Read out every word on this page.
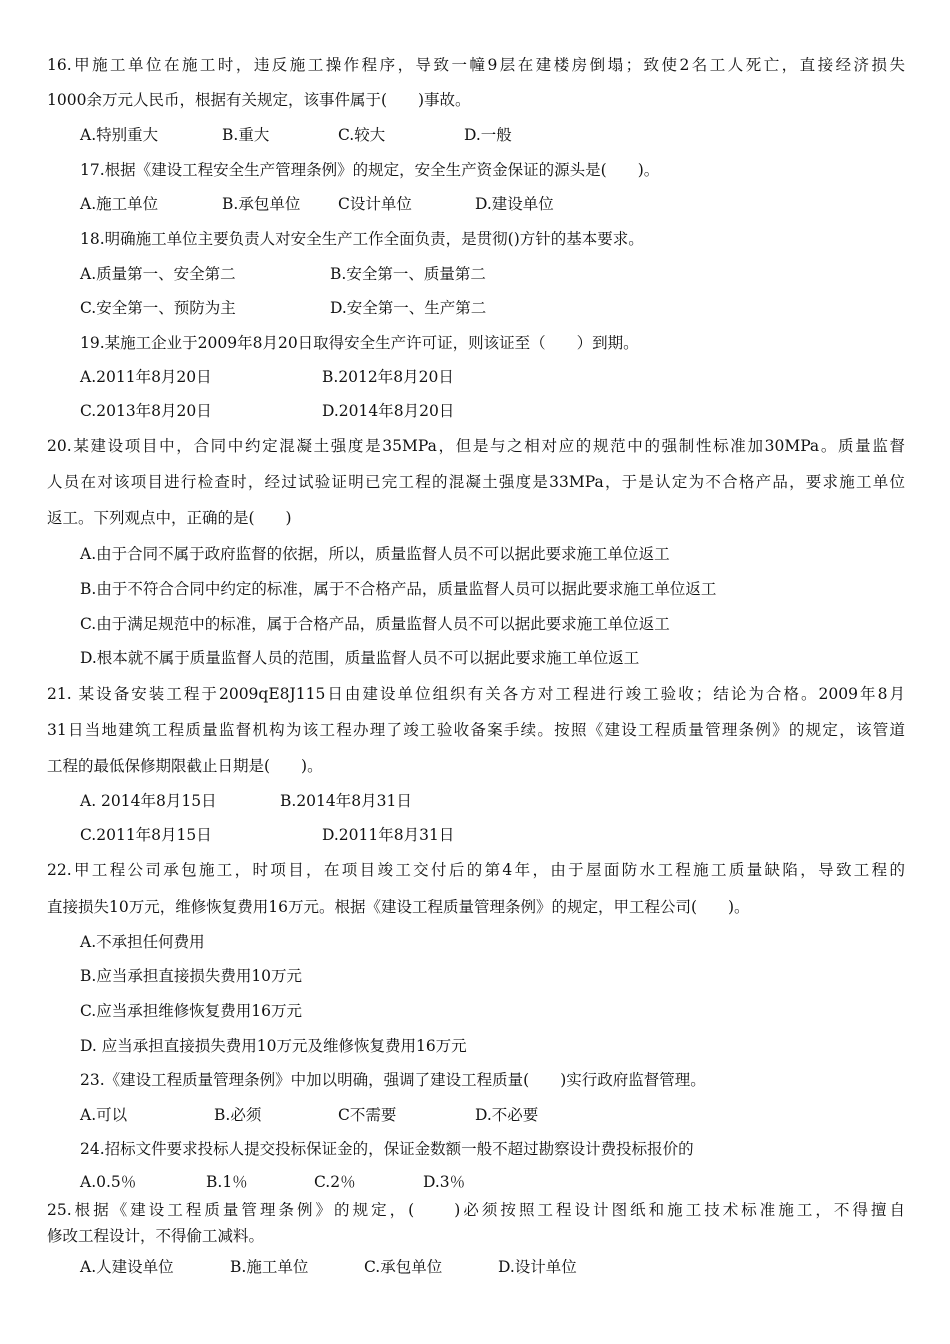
16.甲施工单位在施工时，违反施工操作程序，导致一幢9层在建楼房倒塌；致使2名工人死亡，直接经济损失
1000余万元人民币，根据有关规定，该事件属于(　　)事故。
A.特别重大	B.重大	C.较大	D.一般
17.根据《建设工程安全生产管理条例》的规定，安全生产资金保证的源头是(　　)。
A.施工单位	B.承包单位 C设计单位	D.建设单位
18.明确施工单位主要负责人对安全生产工作全面负责，是贯彻()方针的基本要求。
A.质量第一、安全第二	B.安全第一、质量第二
C.安全第一、预防为主	D.安全第一、生产第二
19.某施工企业于2009年8月20日取得安全生产许可证，则该证至（　　）到期。
A.2011年8月20日	B.2012年8月20日
C.2013年8月20日	D.2014年8月20日
20.某建设项目中，合同中约定混凝土强度是35MPa，但是与之相对应的规范中的强制性标准加30MPa。质量监督
人员在对该项目进行检查时，经过试验证明已完工程的混凝土强度是33MPa，于是认定为不合格产品，要求施工单位
返工。下列观点中，正确的是(　　)
A.由于合同不属于政府监督的依据，所以，质量监督人员不可以据此要求施工单位返工
B.由于不符合合同中约定的标准，属于不合格产品，质量监督人员可以据此要求施工单位返工
C.由于满足规范中的标准，属于合格产品，质量监督人员不可以据此要求施工单位返工
D.根本就不属于质量监督人员的范围，质量监督人员不可以据此要求施工单位返工
21. 某设备安装工程于2009qE8J115日由建设单位组织有关各方对工程进行竣工验收；结论为合格。2009年8月
31日当地建筑工程质量监督机构为该工程办理了竣工验收备案手续。按照《建设工程质量管理条例》的规定，该管道
工程的最低保修期限截止日期是(　　)。
A. 2014年8月15日	B.2014年8月31日
C.2011年8月15日	D.2011年8月31日
22.甲工程公司承包施工，时项目，在项目竣工交付后的第4年，由于屋面防水工程施工质量缺陷，导致工程的
直接损失10万元，维修恢复费用16万元。根据《建设工程质量管理条例》的规定，甲工程公司(　　)。
A.不承担任何费用
B.应当承担直接损失费用10万元
C.应当承担维修恢复费用16万元
D. 应当承担直接损失费用10万元及维修恢复费用16万元
23.《建设工程质量管理条例》中加以明确，强调了建设工程质量(　　)实行政府监督管理。
A.可以	B.必须	C不需要	D.不必要
24.招标文件要求投标人提交投标保证金的，保证金数额一般不超过勘察设计费投标报价的
A.0.5％	B.1％	C.2％	D.3％
25.根据《建设工程质量管理条例》的规定，(　　)必须按照工程设计图纸和施工技术标准施工，不得擅自
修改工程设计，不得偷工减料。
A.人建设单位	B.施工单位	C.承包单位	D.设计单位
